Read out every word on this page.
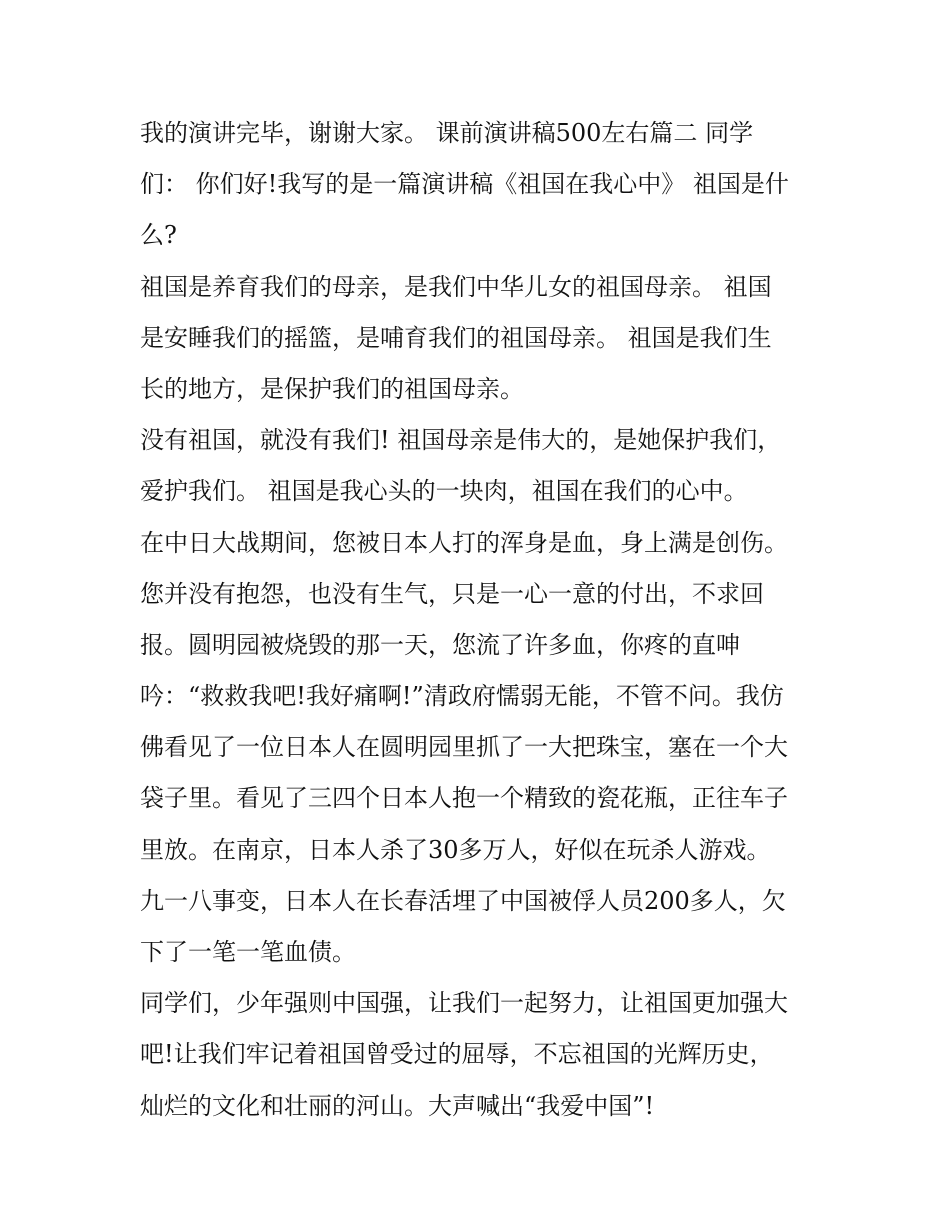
我的演讲完毕，谢谢大家。 课前演讲稿500左右篇二 同学
们： 你们好!我写的是一篇演讲稿《祖国在我心中》 祖国是什
么?
祖国是养育我们的母亲，是我们中华儿女的祖国母亲。 祖国
是安睡我们的摇篮，是哺育我们的祖国母亲。 祖国是我们生
长的地方，是保护我们的祖国母亲。
没有祖国，就没有我们! 祖国母亲是伟大的，是她保护我们，
爱护我们。 祖国是我心头的一块肉，祖国在我们的心中。
在中日大战期间，您被日本人打的浑身是血，身上满是创伤。
您并没有抱怨，也没有生气，只是一心一意的付出，不求回
报。圆明园被烧毁的那一天，您流了许多血，你疼的直呻
吟：“救救我吧!我好痛啊!”清政府懦弱无能，不管不问。我仿
佛看见了一位日本人在圆明园里抓了一大把珠宝，塞在一个大
袋子里。看见了三四个日本人抱一个精致的瓷花瓶，正往车子
里放。在南京，日本人杀了30多万人，好似在玩杀人游戏。
九一八事变，日本人在长春活埋了中国被俘人员200多人，欠
下了一笔一笔血债。
同学们，少年强则中国强，让我们一起努力，让祖国更加强大
吧!让我们牢记着祖国曾受过的屈辱，不忘祖国的光辉历史，
灿烂的文化和壮丽的河山。大声喊出“我爱中国”!
